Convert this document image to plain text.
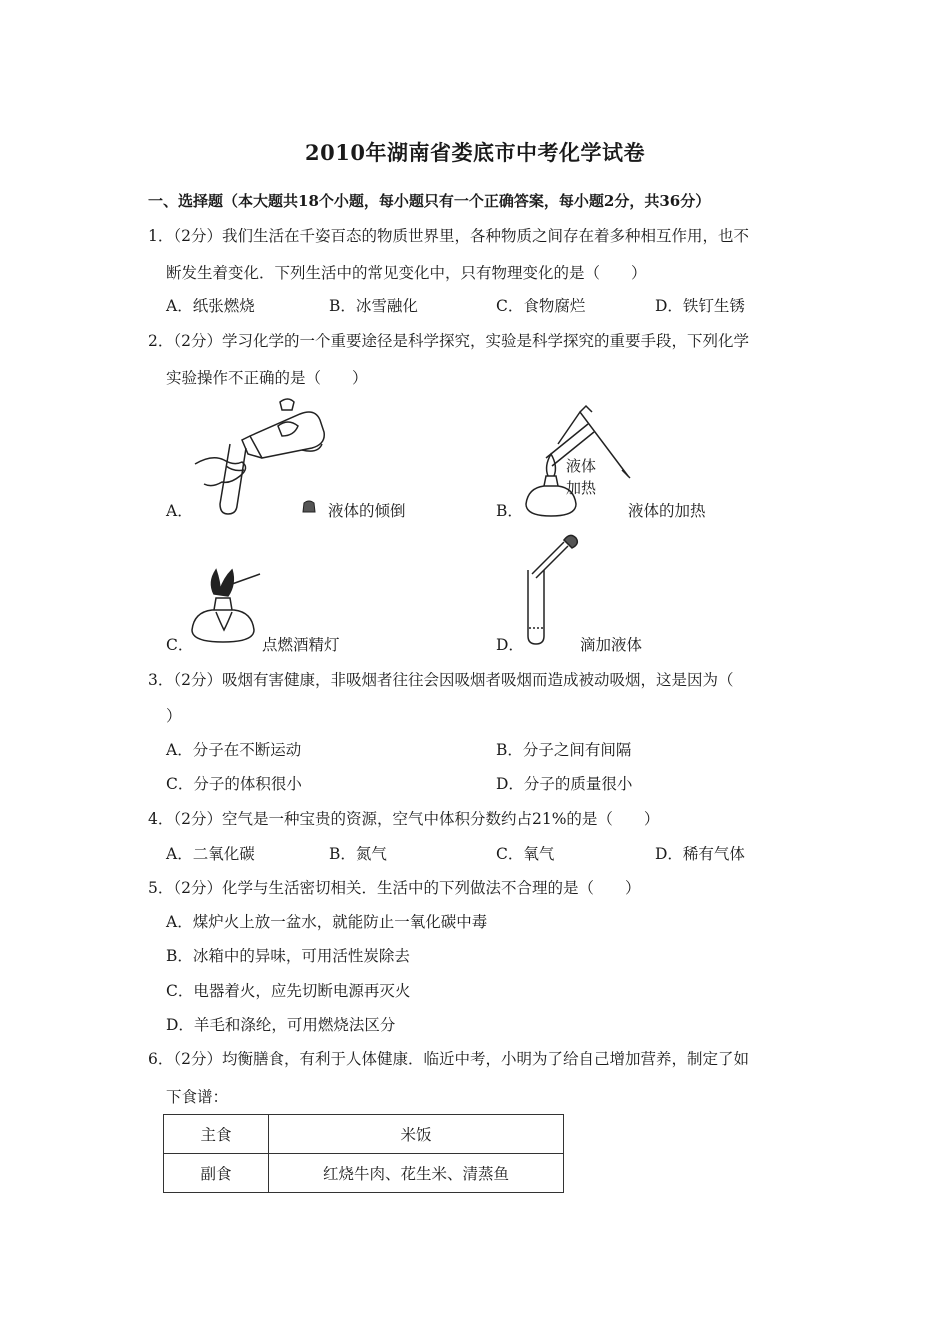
2010年湖南省娄底市中考化学试卷
一、选择题（本大题共18个小题，每小题只有一个正确答案，每小题2分，共36分）
1．（2分）我们生活在千姿百态的物质世界里，各种物质之间存在着多种相互作用，也不
断发生着变化．下列生活中的常见变化中，只有物理变化的是（　　）
A．纸张燃烧	B．冰雪融化	C．食物腐烂	D．铁钉生锈
2．（2分）学习化学的一个重要途径是科学探究，实验是科学探究的重要手段，下列化学
实验操作不正确的是（　　）
A．	液体的倾倒	B．
液体
加热
液体的加热
C．	点燃酒精灯	D．	滴加液体
3．（2分）吸烟有害健康，非吸烟者往往会因吸烟者吸烟而造成被动吸烟，这是因为（
）
A．分子在不断运动	B．分子之间有间隔
C．分子的体积很小	D．分子的质量很小
4．（2分）空气是一种宝贵的资源，空气中体积分数约占21%的是（　　）
A．二氧化碳	B．氮气	C．氧气	D．稀有气体
5．（2分）化学与生活密切相关．生活中的下列做法不合理的是（　　）
A．煤炉火上放一盆水，就能防止一氧化碳中毒
B．冰箱中的异味，可用活性炭除去
C．电器着火，应先切断电源再灭火
D．羊毛和涤纶，可用燃烧法区分
6．（2分）均衡膳食，有利于人体健康．临近中考，小明为了给自己增加营养，制定了如
下食谱：
主食	米饭
副食	红烧牛肉、花生米、清蒸鱼
